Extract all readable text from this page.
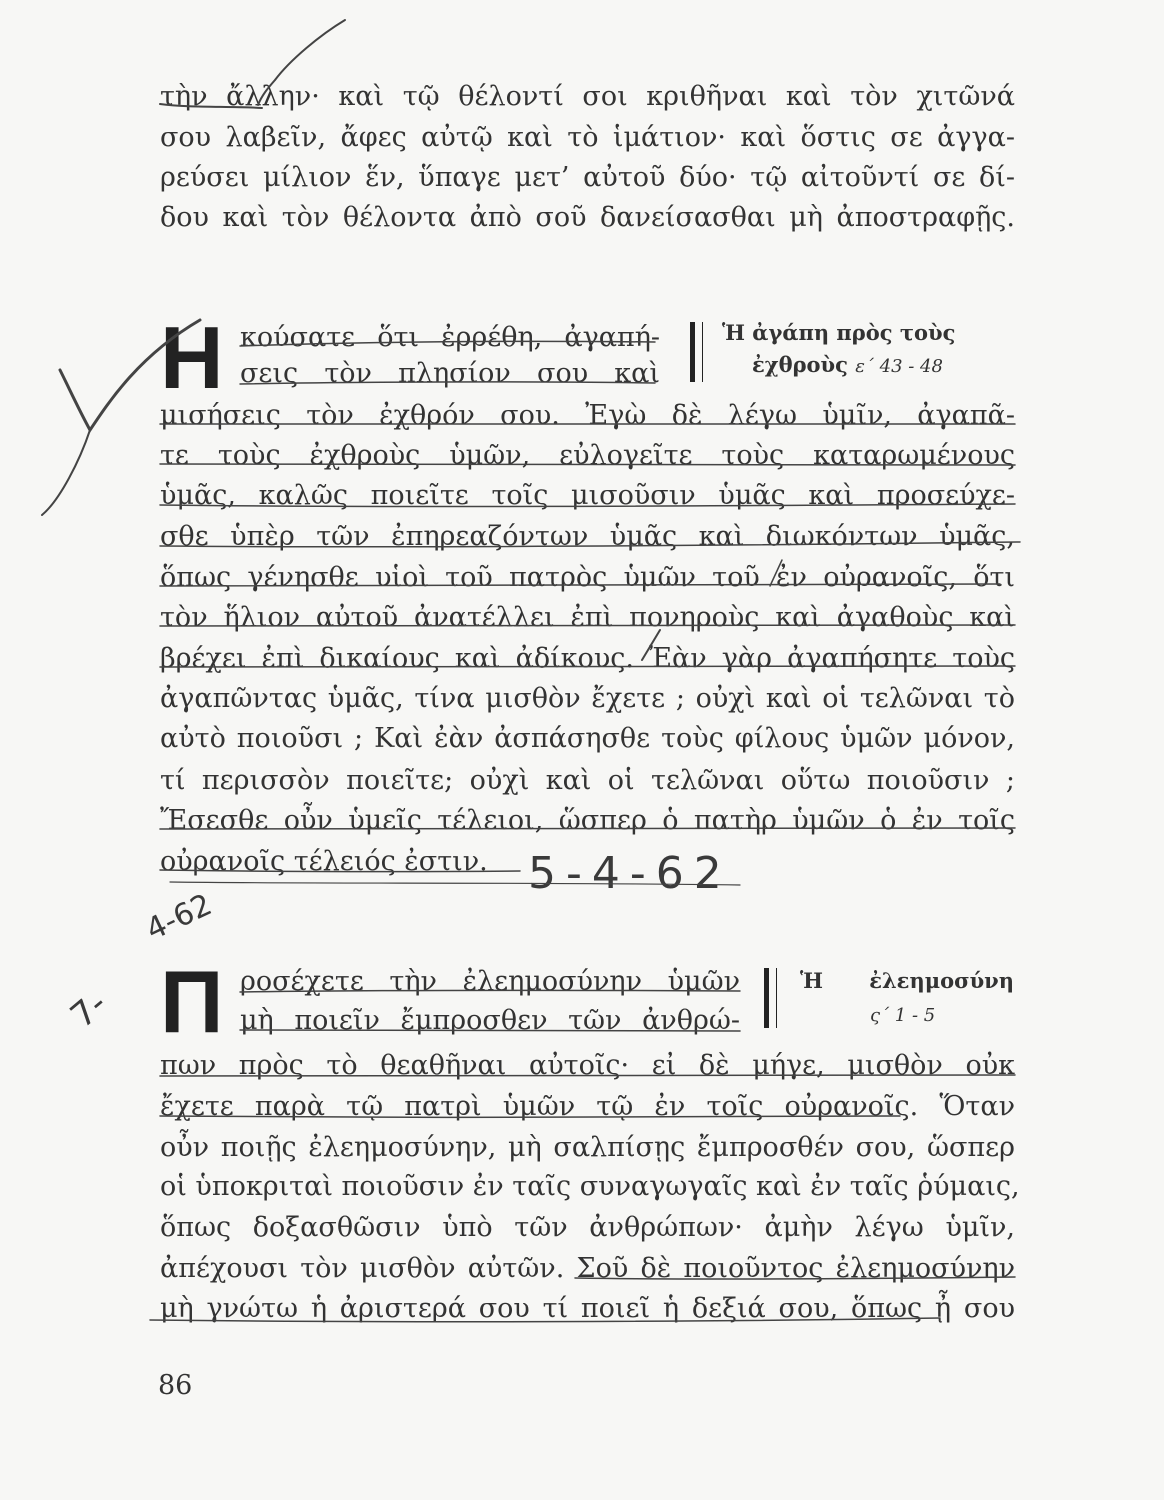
τὴν ἄλλην· καὶ τῷ θέλοντί σοι κριθῆναι καὶ τὸν χιτῶνά
σου λαβεῖν, ἄφες αὐτῷ καὶ τὸ ἱμάτιον· καὶ ὅστις σε ἀγγα-
ρεύσει μίλιον ἕν, ὕπαγε μετ’ αὐτοῦ δύο· τῷ αἰτοῦντί σε δί-
δου καὶ τὸν θέλοντα ἀπὸ σοῦ δανείσασθαι μὴ ἀποστραφῇς.
Η κούσατε ὅτι ἐρρέθη, ἀγαπή-
σεις τὸν πλησίον σου καὶ
Ἡ ἀγάπη πρὸς τοὺς
ἐχθροὺς ε΄ 43 - 48
μισήσεις τὸν ἐχθρόν σου. Ἐγὼ δὲ λέγω ὑμῖν, ἀγαπᾶ-
τε τοὺς ἐχθροὺς ὑμῶν, εὐλογεῖτε τοὺς καταρωμένους
ὑμᾶς, καλῶς ποιεῖτε τοῖς μισοῦσιν ὑμᾶς καὶ προσεύχε-
σθε ὑπὲρ τῶν ἐπηρεαζόντων ὑμᾶς καὶ διωκόντων ὑμᾶς,
ὅπως γένησθε υἱοὶ τοῦ πατρὸς ὑμῶν τοῦ ἐν οὐρανοῖς, ὅτι
τὸν ἥλιον αὐτοῦ ἀνατέλλει ἐπὶ πονηροὺς καὶ ἀγαθοὺς καὶ
βρέχει ἐπὶ δικαίους καὶ ἀδίκους. Ἐὰν γὰρ ἀγαπήσητε τοὺς
ἀγαπῶντας ὑμᾶς, τίνα μισθὸν ἔχετε ; οὐχὶ καὶ οἱ τελῶναι τὸ
αὐτὸ ποιοῦσι ; Καὶ ἐὰν ἀσπάσησθε τοὺς φίλους ὑμῶν μόνον,
τί περισσὸν ποιεῖτε; οὐχὶ καὶ οἱ τελῶναι οὕτω ποιοῦσιν ;
Ἔσεσθε οὖν ὑμεῖς τέλειοι, ὥσπερ ὁ πατὴρ ὑμῶν ὁ ἐν τοῖς
οὐρανοῖς τέλειός ἐστιν. 5-4-62
Π ροσέχετε τὴν ἐλεημοσύνην ὑμῶν
μὴ ποιεῖν ἔμπροσθεν τῶν ἀνθρώ-
Ἡ ἐλεημοσύνη
ς΄ 1 - 5
πων πρὸς τὸ θεαθῆναι αὐτοῖς· εἰ δὲ μήγε, μισθὸν οὐκ
ἔχετε παρὰ τῷ πατρὶ ὑμῶν τῷ ἐν τοῖς οὐρανοῖς. Ὅταν
οὖν ποιῇς ἐλεημοσύνην, μὴ σαλπίσῃς ἔμπροσθέν σου, ὥσπερ
οἱ ὑποκριταὶ ποιοῦσιν ἐν ταῖς συναγωγαῖς καὶ ἐν ταῖς ῥύμαις,
ὅπως δοξασθῶσιν ὑπὸ τῶν ἀνθρώπων· ἀμὴν λέγω ὑμῖν,
ἀπέχουσι τὸν μισθὸν αὐτῶν. Σοῦ δὲ ποιοῦντος ἐλεημοσύνην
μὴ γνώτω ἡ ἀριστερά σου τί ποιεῖ ἡ δεξιά σου, ὅπως ᾖ σου
4-62
7-
86
